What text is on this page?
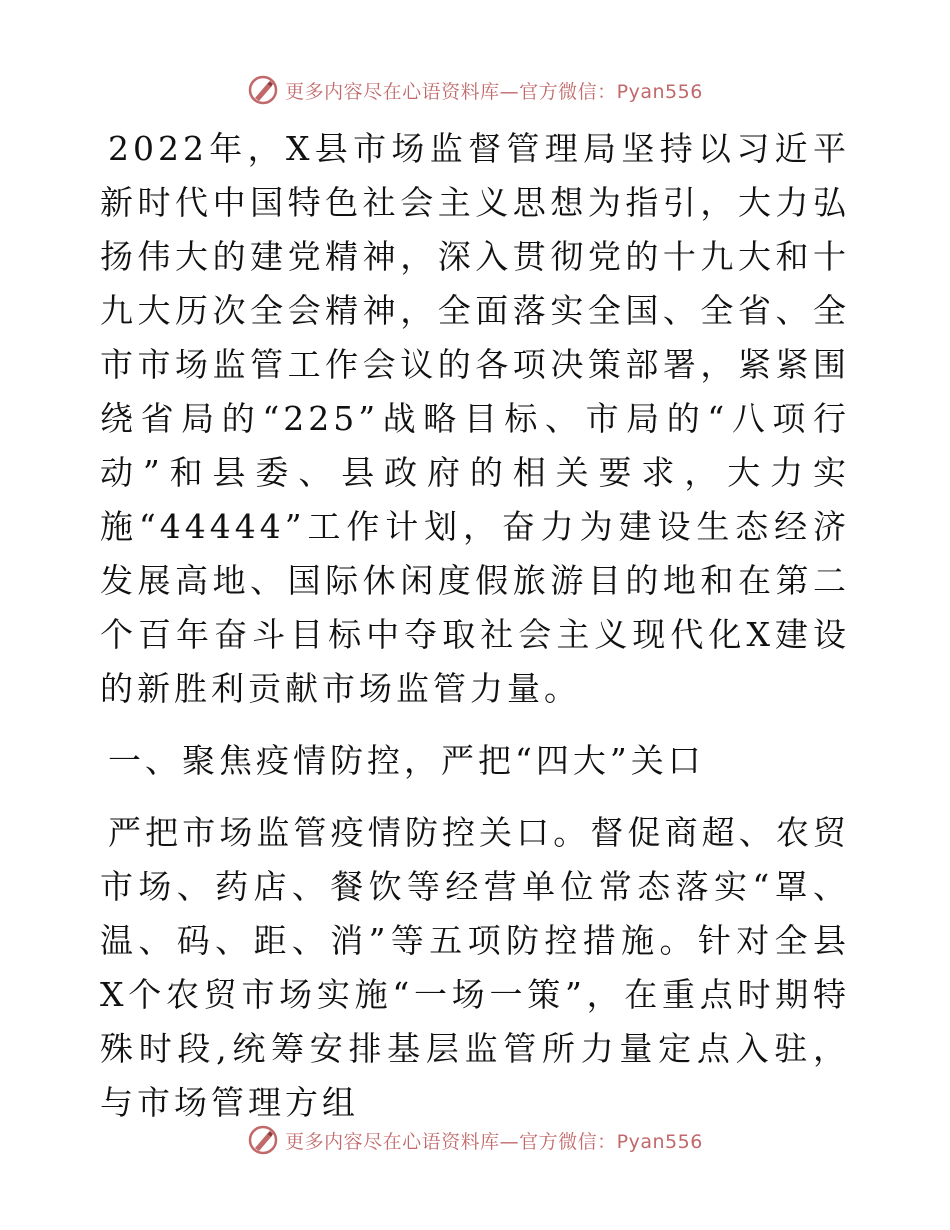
更多内容尽在心语资料库—官方微信：Pyan556

2022年，X县市场监督管理局坚持以习近平新时代中国特色社会主义思想为指引，大力弘扬伟大的建党精神，深入贯彻党的十九大和十九大历次全会精神，全面落实全国、全省、全市市场监管工作会议的各项决策部署，紧紧围绕省局的“225”战略目标、市局的“八项行动”和县委、县政府的相关要求，大力实施“44444”工作计划，奋力为建设生态经济发展高地、国际休闲度假旅游目的地和在第二个百年奋斗目标中夺取社会主义现代化X建设的新胜利贡献市场监管力量。

一、聚焦疫情防控，严把“四大”关口

严把市场监管疫情防控关口。督促商超、农贸市场、药店、餐饮等经营单位常态落实“罩、温、码、距、消”等五项防控措施。针对全县X个农贸市场实施“一场一策”，在重点时期特殊时段,统筹安排基层监管所力量定点入驻，与市场管理方组

更多内容尽在心语资料库—官方微信：Pyan556
